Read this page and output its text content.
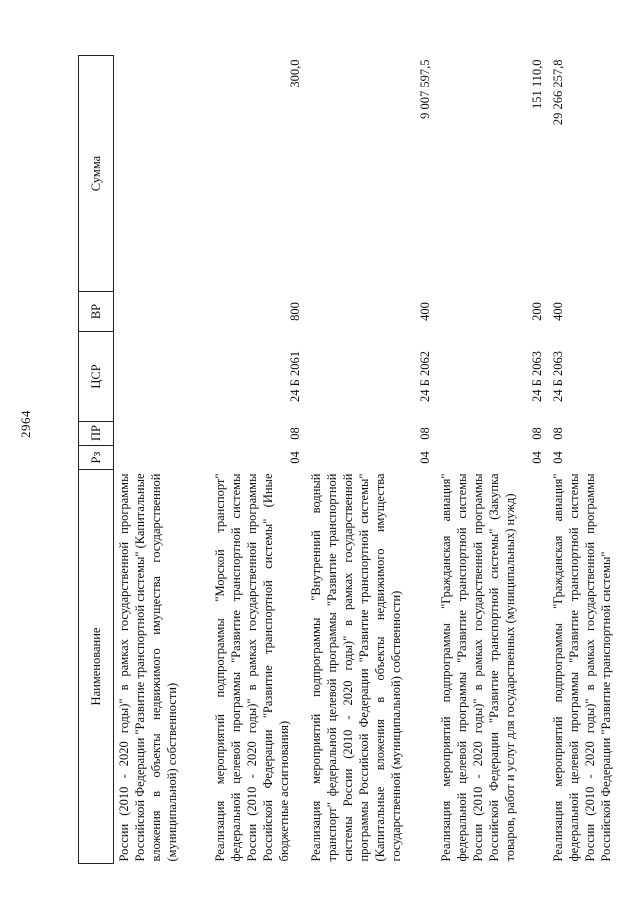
2964
Наименование	Рз	ПР	ЦСР	ВР	Сумма
России (2010 - 2020 годы)" в рамках государственной программы Российской Федерации "Развитие транспортной системы" (Капитальные вложения в объекты недвижимого имущества государственной (муниципальной) собственности)					
Реализация мероприятий подпрограммы "Морской транспорт" федеральной целевой программы "Развитие транспортной системы России (2010 - 2020 годы)" в рамках государственной программы Российской Федерации "Развитие транспортной системы" (Иные бюджетные ассигнования)	04	08	24 Б 2061	800	300,0
Реализация мероприятий подпрограммы "Внутренний водный транспорт" федеральной целевой программы "Развитие транспортной системы России (2010 - 2020 годы)" в рамках государственной программы Российской Федерации "Развитие транспортной системы" (Капитальные вложения в объекты недвижимого имущества государственной (муниципальной) собственности)	04	08	24 Б 2062	400	9 007 597,5
Реализация мероприятий подпрограммы "Гражданская авиация" федеральной целевой программы "Развитие транспортной системы России (2010 - 2020 годы)" в рамках государственной программы Российской Федерации "Развитие транспортной системы" (Закупка товаров, работ и услуг для государственных (муниципальных) нужд)	04	08	24 Б 2063	200	151 110,0
Реализация мероприятий подпрограммы "Гражданская авиация" федеральной целевой программы "Развитие транспортной системы России (2010 - 2020 годы)" в рамках государственной программы Российской Федерации "Развитие транспортной системы"	04	08	24 Б 2063	400	29 266 257,8
